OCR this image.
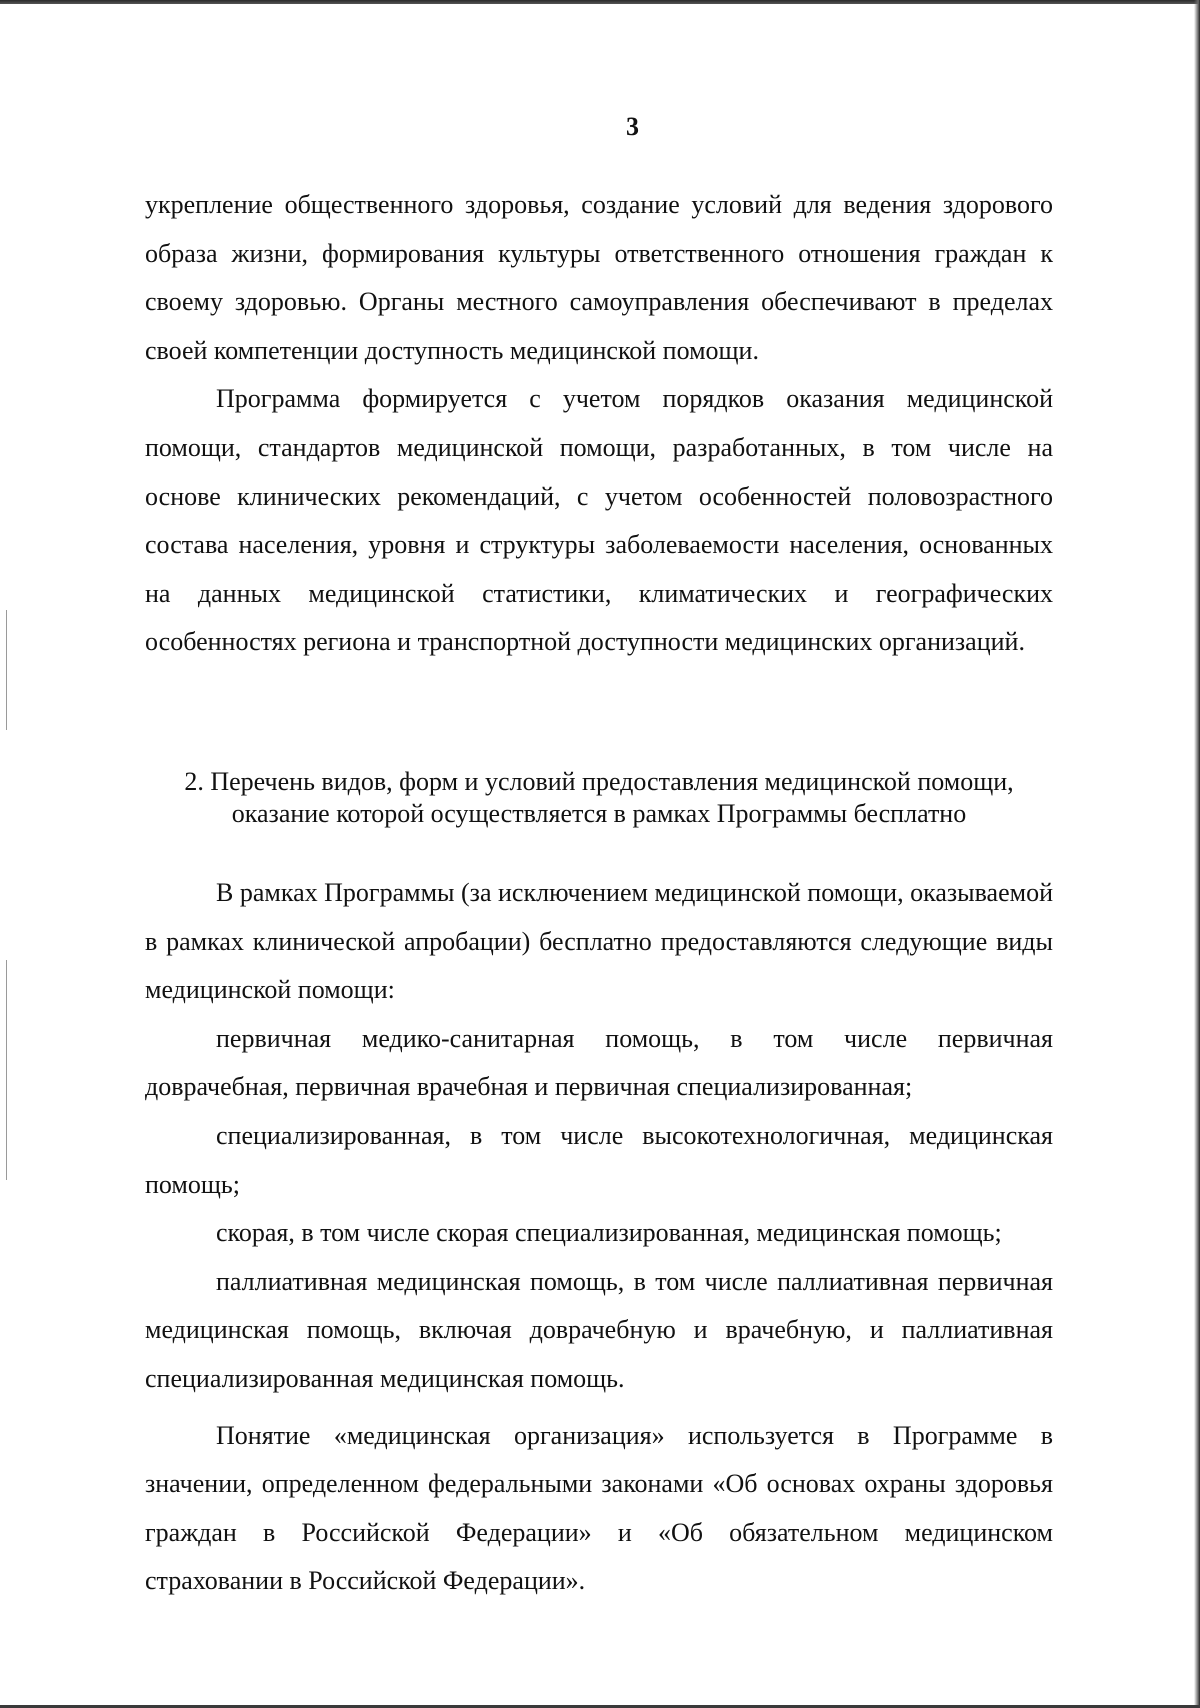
3

укрепление общественного здоровья, создание условий для ведения здорового образа жизни, формирования культуры ответственного отношения граждан к своему здоровью. Органы местного самоуправления обеспечивают в пределах своей компетенции доступность медицинской помощи.

Программа формируется с учетом порядков оказания медицинской помощи, стандартов медицинской помощи, разработанных, в том числе на основе клинических рекомендаций, с учетом особенностей половозрастного состава населения, уровня и структуры заболеваемости населения, основанных на данных медицинской статистики, климатических и географических особенностях региона и транспортной доступности медицинских организаций.

2. Перечень видов, форм и условий предоставления медицинской помощи,
оказание которой осуществляется в рамках Программы бесплатно

В рамках Программы (за исключением медицинской помощи, оказываемой в рамках клинической апробации) бесплатно предоставляются следующие виды медицинской помощи:

первичная медико-санитарная помощь, в том числе первичная доврачебная, первичная врачебная и первичная специализированная;

специализированная, в том числе высокотехнологичная, медицинская помощь;

скорая, в том числе скорая специализированная, медицинская помощь;

паллиативная медицинская помощь, в том числе паллиативная первичная медицинская помощь, включая доврачебную и врачебную, и паллиативная специализированная медицинская помощь.

Понятие «медицинская организация» используется в Программе в значении, определенном федеральными законами «Об основах охраны здоровья граждан в Российской Федерации» и «Об обязательном медицинском страховании в Российской Федерации».
